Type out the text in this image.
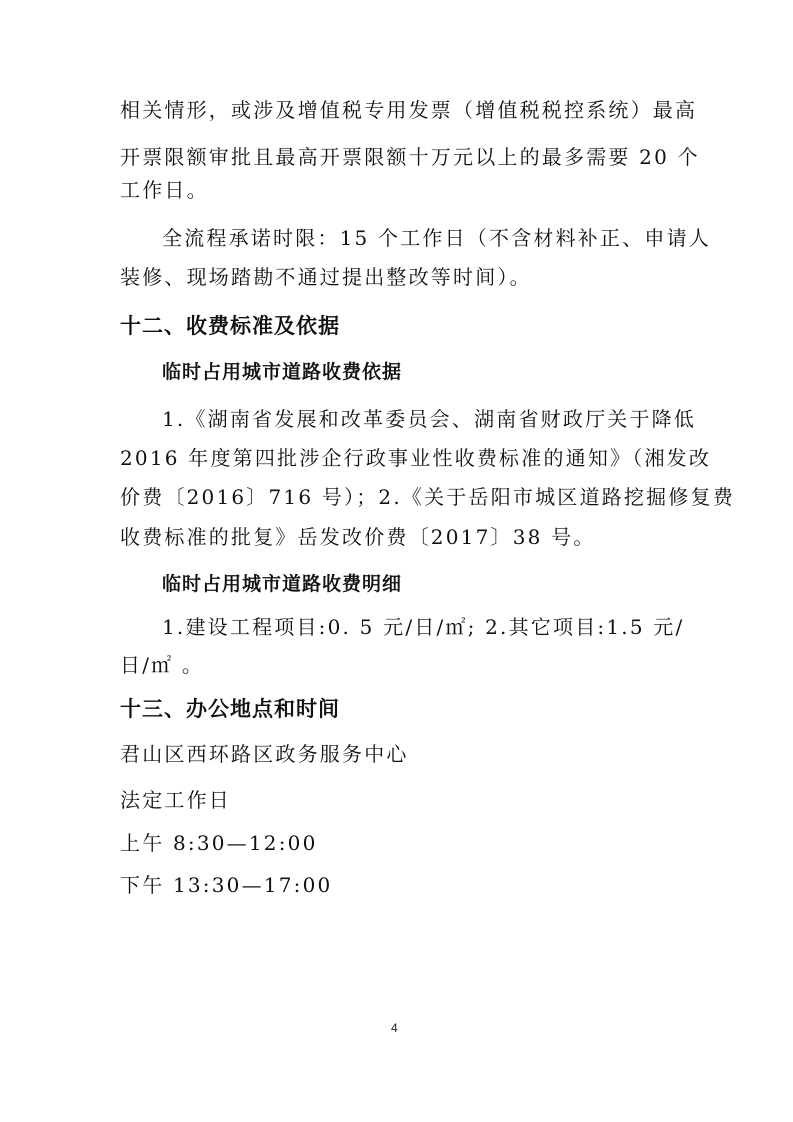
相关情形，或涉及增值税专用发票（增值税税控系统）最高
开票限额审批且最高开票限额十万元以上的最多需要 20 个
工作日。
全流程承诺时限：15 个工作日（不含材料补正、申请人
装修、现场踏勘不通过提出整改等时间）。
十二、收费标准及依据
临时占用城市道路收费依据
1.《湖南省发展和改革委员会、湖南省财政厅关于降低
2016 年度第四批涉企行政事业性收费标准的通知》（湘发改
价费〔2016〕716 号）；2.《关于岳阳市城区道路挖掘修复费
收费标准的批复》岳发改价费〔2017〕38 号。
临时占用城市道路收费明细
1.建设工程项目:0. 5 元/日/㎡; 2.其它项目:1.5 元/
日/㎡ 。
十三、办公地点和时间
君山区西环路区政务服务中心
法定工作日
上午 8:30—12:00
下午 13:30—17:00
4
